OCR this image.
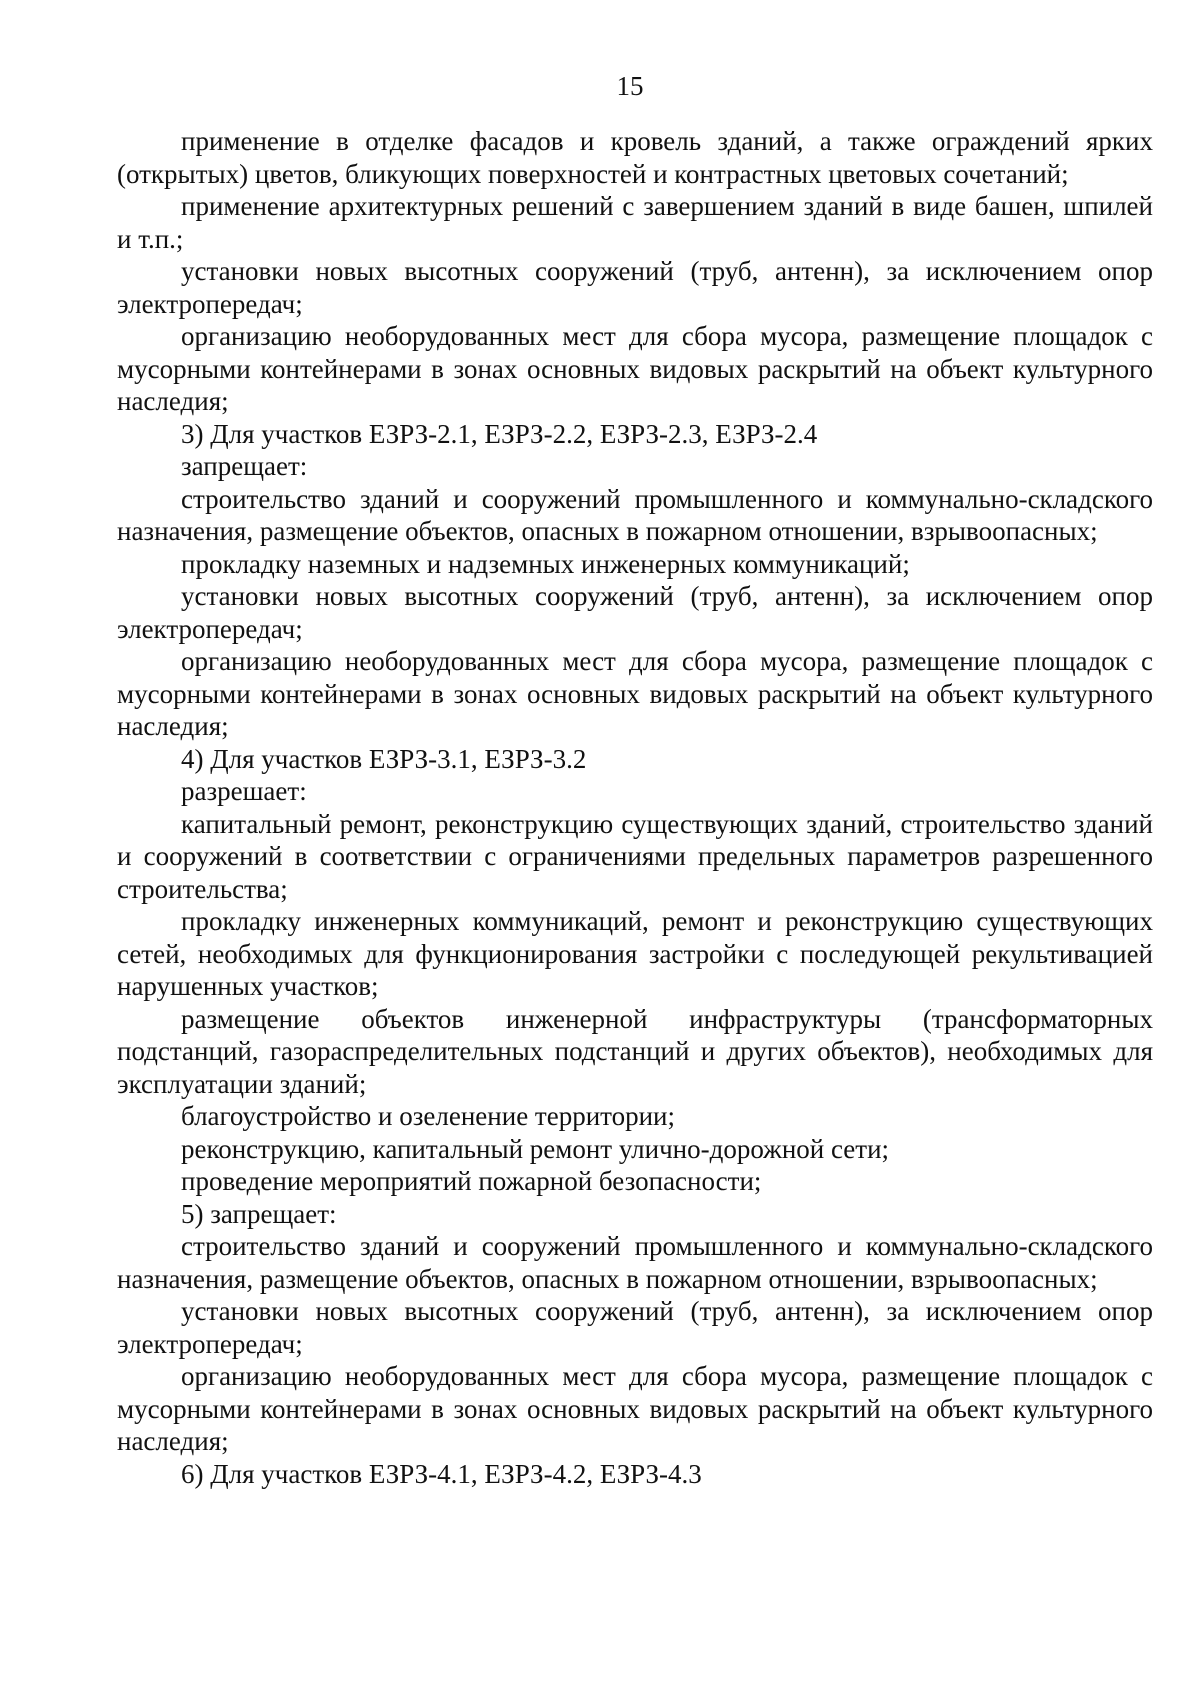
15

применение в отделке фасадов и кровель зданий, а также ограждений ярких (открытых) цветов, бликующих поверхностей и контрастных цветовых сочетаний;

применение архитектурных решений с завершением зданий в виде башен, шпилей и т.п.;

установки новых высотных сооружений (труб, антенн), за исключением опор электропередач;

организацию необорудованных мест для сбора мусора, размещение площадок с мусорными контейнерами в зонах основных видовых раскрытий на объект культурного наследия;

3) Для участков ЕЗРЗ-2.1, ЕЗРЗ-2.2, ЕЗРЗ-2.3, ЕЗРЗ-2.4

запрещает:

строительство зданий и сооружений промышленного и коммунально-складского назначения, размещение объектов, опасных в пожарном отношении, взрывоопасных;

прокладку наземных и надземных инженерных коммуникаций;

установки новых высотных сооружений (труб, антенн), за исключением опор электропередач;

организацию необорудованных мест для сбора мусора, размещение площадок с мусорными контейнерами в зонах основных видовых раскрытий на объект культурного наследия;

4) Для участков ЕЗРЗ-3.1, ЕЗРЗ-3.2

разрешает:

капитальный ремонт, реконструкцию существующих зданий, строительство зданий и сооружений в соответствии с ограничениями предельных параметров разрешенного строительства;

прокладку инженерных коммуникаций, ремонт и реконструкцию существующих сетей, необходимых для функционирования застройки с последующей рекультивацией нарушенных участков;

размещение объектов инженерной инфраструктуры (трансформаторных подстанций, газораспределительных подстанций и других объектов), необходимых для эксплуатации зданий;

благоустройство и озеленение территории;

реконструкцию, капитальный ремонт улично-дорожной сети;

проведение мероприятий пожарной безопасности;

5) запрещает:

строительство зданий и сооружений промышленного и коммунально-складского назначения, размещение объектов, опасных в пожарном отношении, взрывоопасных;

установки новых высотных сооружений (труб, антенн), за исключением опор электропередач;

организацию необорудованных мест для сбора мусора, размещение площадок с мусорными контейнерами в зонах основных видовых раскрытий на объект культурного наследия;

6) Для участков ЕЗРЗ-4.1, ЕЗРЗ-4.2, ЕЗРЗ-4.3
